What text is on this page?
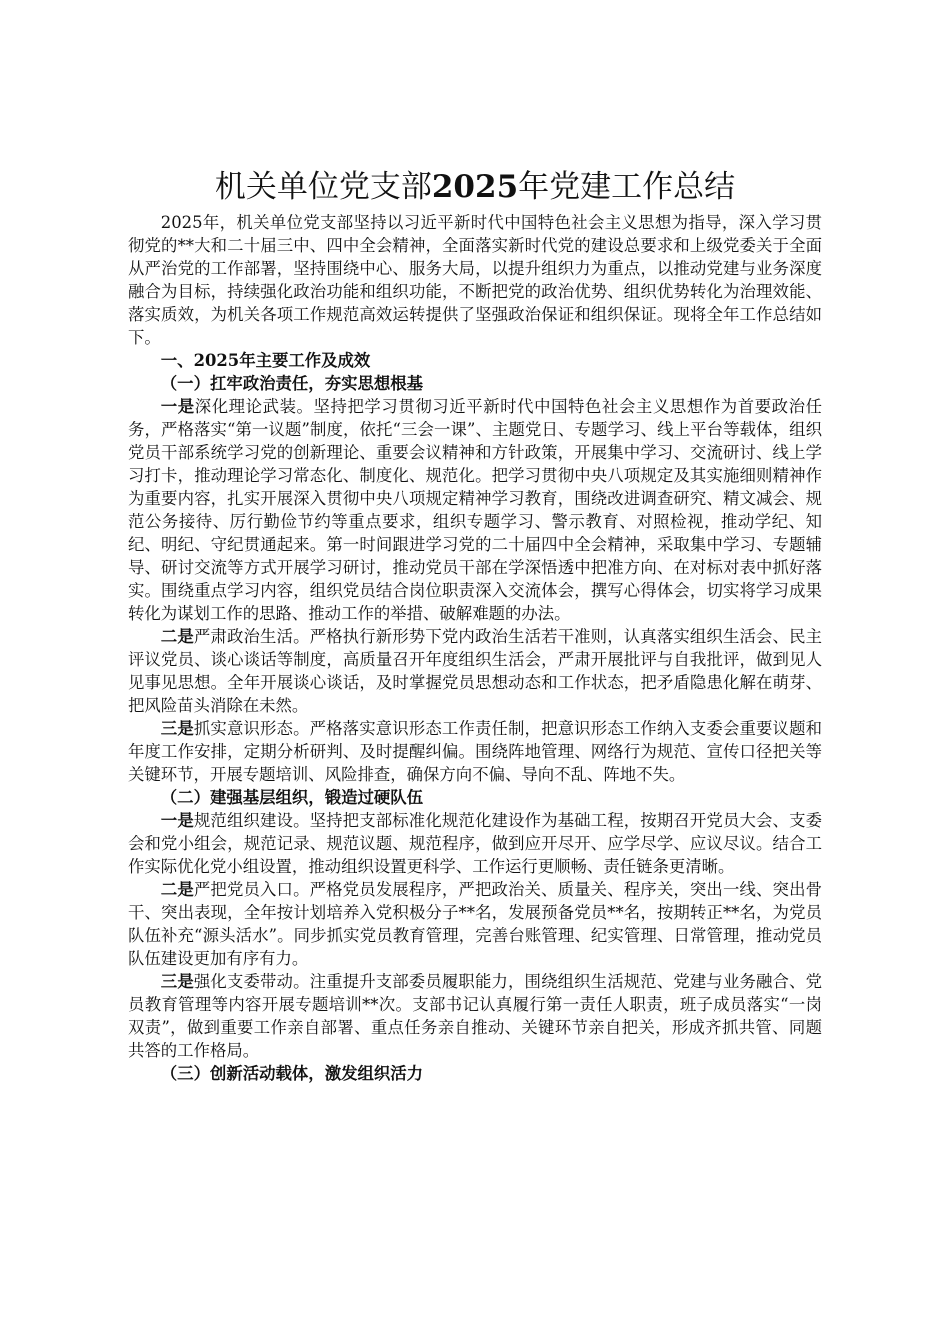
机关单位党支部2025年党建工作总结

2025年，机关单位党支部坚持以习近平新时代中国特色社会主义思想为指导，深入学习贯彻党的**大和二十届三中、四中全会精神，全面落实新时代党的建设总要求和上级党委关于全面从严治党的工作部署，坚持围绕中心、服务大局，以提升组织力为重点，以推动党建与业务深度融合为目标，持续强化政治功能和组织功能，不断把党的政治优势、组织优势转化为治理效能、落实质效，为机关各项工作规范高效运转提供了坚强政治保证和组织保证。现将全年工作总结如下。

一、2025年主要工作及成效

（一）扛牢政治责任，夯实思想根基

一是深化理论武装。坚持把学习贯彻习近平新时代中国特色社会主义思想作为首要政治任务，严格落实“第一议题”制度，依托“三会一课”、主题党日、专题学习、线上平台等载体，组织党员干部系统学习党的创新理论、重要会议精神和方针政策，开展集中学习、交流研讨、线上学习打卡，推动理论学习常态化、制度化、规范化。把学习贯彻中央八项规定及其实施细则精神作为重要内容，扎实开展深入贯彻中央八项规定精神学习教育，围绕改进调查研究、精文减会、规范公务接待、厉行勤俭节约等重点要求，组织专题学习、警示教育、对照检视，推动学纪、知纪、明纪、守纪贯通起来。第一时间跟进学习党的二十届四中全会精神，采取集中学习、专题辅导、研讨交流等方式开展学习研讨，推动党员干部在学深悟透中把准方向、在对标对表中抓好落实。围绕重点学习内容，组织党员结合岗位职责深入交流体会，撰写心得体会，切实将学习成果转化为谋划工作的思路、推动工作的举措、破解难题的办法。

二是严肃政治生活。严格执行新形势下党内政治生活若干准则，认真落实组织生活会、民主评议党员、谈心谈话等制度，高质量召开年度组织生活会，严肃开展批评与自我批评，做到见人见事见思想。全年开展谈心谈话，及时掌握党员思想动态和工作状态，把矛盾隐患化解在萌芽、把风险苗头消除在未然。

三是抓实意识形态。严格落实意识形态工作责任制，把意识形态工作纳入支委会重要议题和年度工作安排，定期分析研判、及时提醒纠偏。围绕阵地管理、网络行为规范、宣传口径把关等关键环节，开展专题培训、风险排查，确保方向不偏、导向不乱、阵地不失。

（二）建强基层组织，锻造过硬队伍

一是规范组织建设。坚持把支部标准化规范化建设作为基础工程，按期召开党员大会、支委会和党小组会，规范记录、规范议题、规范程序，做到应开尽开、应学尽学、应议尽议。结合工作实际优化党小组设置，推动组织设置更科学、工作运行更顺畅、责任链条更清晰。

二是严把党员入口。严格党员发展程序，严把政治关、质量关、程序关，突出一线、突出骨干、突出表现，全年按计划培养入党积极分子**名，发展预备党员**名，按期转正**名，为党员队伍补充“源头活水”。同步抓实党员教育管理，完善台账管理、纪实管理、日常管理，推动党员队伍建设更加有序有力。

三是强化支委带动。注重提升支部委员履职能力，围绕组织生活规范、党建与业务融合、党员教育管理等内容开展专题培训**次。支部书记认真履行第一责任人职责，班子成员落实“一岗双责”，做到重要工作亲自部署、重点任务亲自推动、关键环节亲自把关，形成齐抓共管、同题共答的工作格局。

（三）创新活动载体，激发组织活力
